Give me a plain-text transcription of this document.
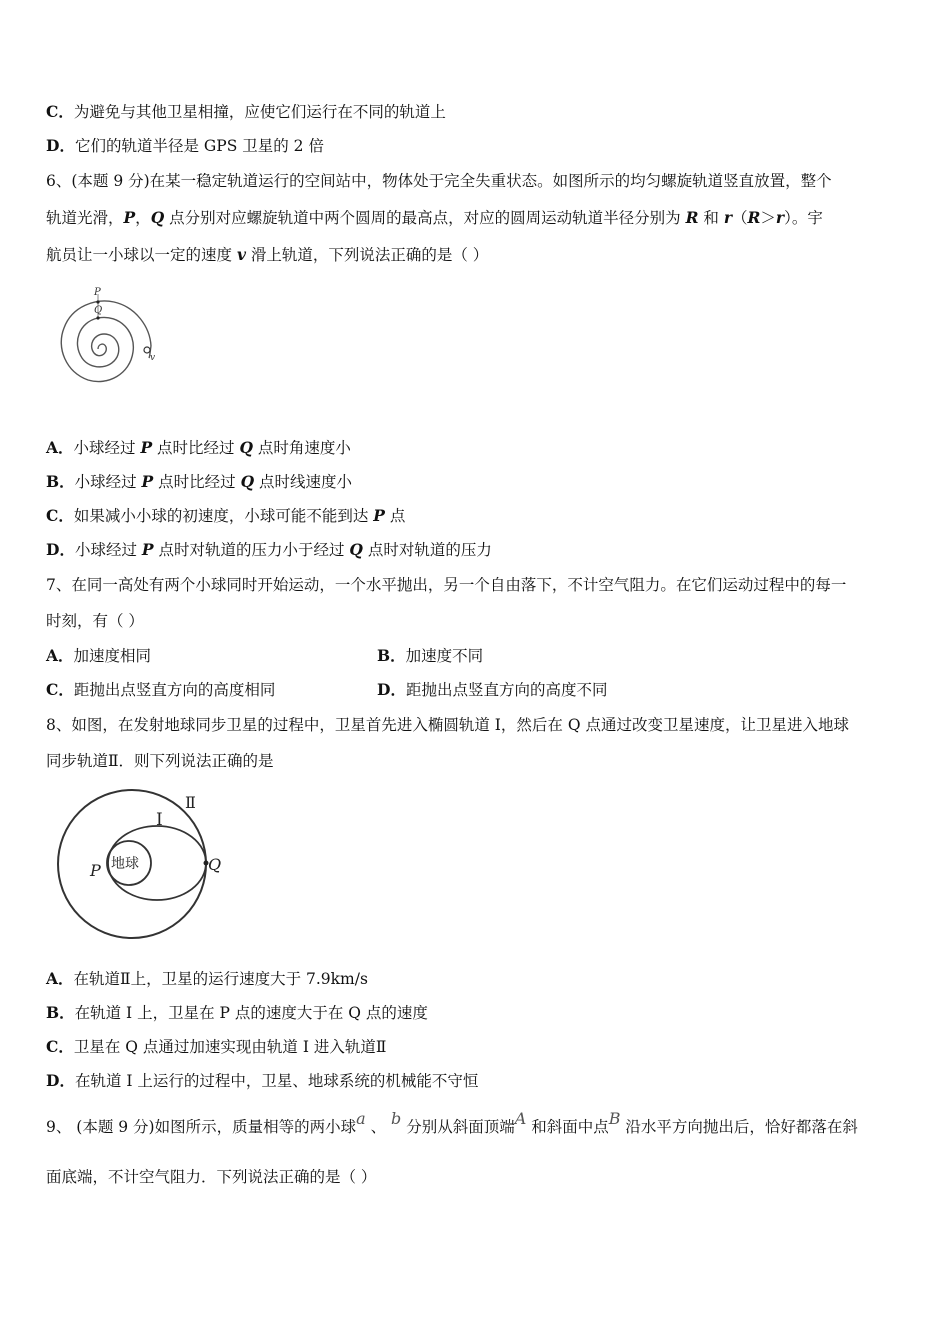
C．为避免与其他卫星相撞，应使它们运行在不同的轨道上
D．它们的轨道半径是 GPS 卫星的 2 倍
6、(本题 9 分)在某一稳定轨道运行的空间站中，物体处于完全失重状态。如图所示的均匀螺旋轨道竖直放置，整个
轨道光滑，P，Q 点分别对应螺旋轨道中两个圆周的最高点，对应的圆周运动轨道半径分别为 R 和 r（R＞r）。宇
航员让一小球以一定的速度 v 滑上轨道，下列说法正确的是（ ）
P
Q
v
A．小球经过 P 点时比经过 Q 点时角速度小
B．小球经过 P 点时比经过 Q 点时线速度小
C．如果减小小球的初速度，小球可能不能到达 P 点
D．小球经过 P 点时对轨道的压力小于经过 Q 点时对轨道的压力
7、在同一高处有两个小球同时开始运动，一个水平抛出，另一个自由落下，不计空气阻力。在它们运动过程中的每一
时刻，有（ ）
A．加速度相同	B．加速度不同
C．距抛出点竖直方向的高度相同	D．距抛出点竖直方向的高度不同
8、如图，在发射地球同步卫星的过程中，卫星首先进入椭圆轨道 I，然后在 Q 点通过改变卫星速度，让卫星进入地球
同步轨道Ⅱ．则下列说法正确的是
地球
P	Q
I
Ⅱ
A．在轨道Ⅱ上，卫星的运行速度大于 7.9km/s
B．在轨道 I 上，卫星在 P 点的速度大于在 Q 点的速度
C．卫星在 Q 点通过加速实现由轨道 I 进入轨道Ⅱ
D．在轨道 I 上运行的过程中，卫星、地球系统的机械能不守恒
9、 (本题 9 分)如图所示，质量相等的两小球a 、 b 分别从斜面顶端A 和斜面中点B 沿水平方向抛出后，恰好都落在斜
面底端，不计空气阻力．下列说法正确的是（ ）
